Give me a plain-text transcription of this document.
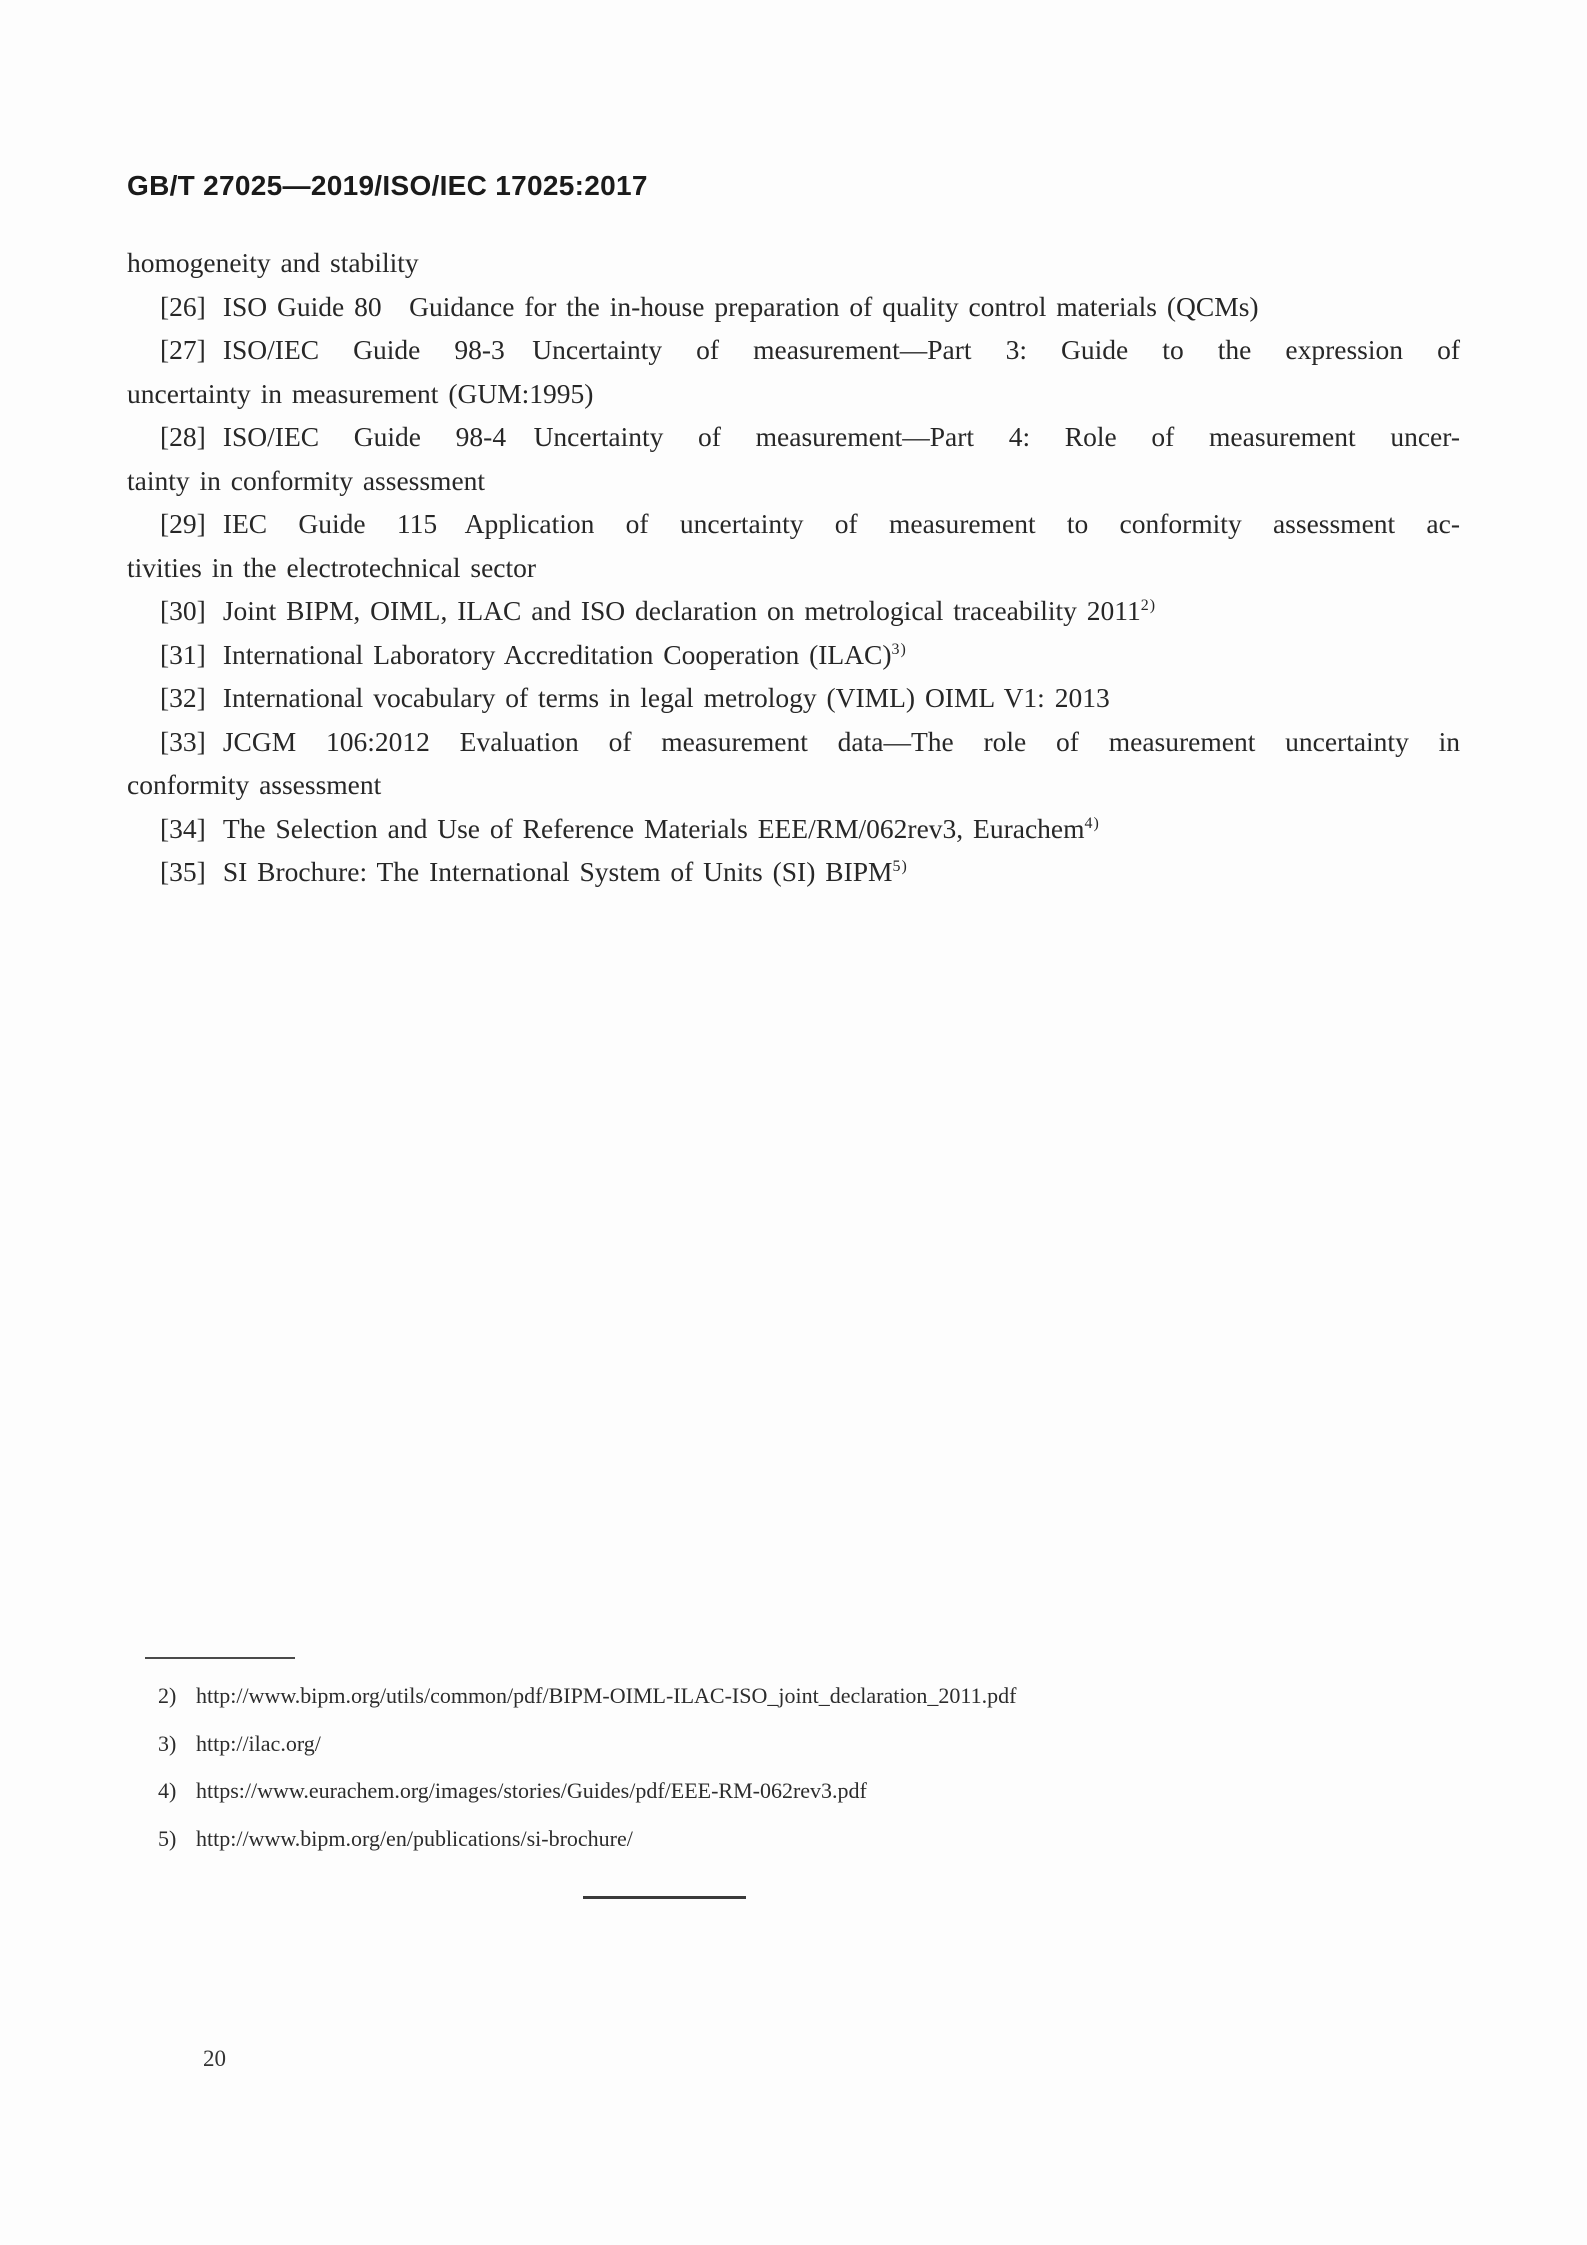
GB/T 27025—2019/ISO/IEC 17025:2017

homogeneity and stability

[26] ISO Guide 80 Guidance for the in-house preparation of quality control materials (QCMs)

[27] ISO/IEC Guide 98-3 Uncertainty of measurement—Part 3: Guide to the expression of

uncertainty in measurement (GUM:1995)

[28] ISO/IEC Guide 98-4 Uncertainty of measurement—Part 4: Role of measurement uncer-

tainty in conformity assessment

[29] IEC Guide 115 Application of uncertainty of measurement to conformity assessment ac-

tivities in the electrotechnical sector

[30] Joint BIPM, OIML, ILAC and ISO declaration on metrological traceability 2011$^{2)}$

[31] International Laboratory Accreditation Cooperation (ILAC)$^{3)}$

[32] International vocabulary of terms in legal metrology (VIML) OIML V1: 2013

[33] JCGM 106:2012 Evaluation of measurement data—The role of measurement uncertainty in

conformity assessment

[34] The Selection and Use of Reference Materials EEE/RM/062rev3, Eurachem$^{4)}$

[35] SI Brochure: The International System of Units (SI) BIPM$^{5)}$

2) http://www.bipm.org/utils/common/pdf/BIPM-OIML-ILAC-ISO_joint_declaration_2011.pdf
3) http://ilac.org/
4) https://www.eurachem.org/images/stories/Guides/pdf/EEE-RM-062rev3.pdf
5) http://www.bipm.org/en/publications/si-brochure/
20
